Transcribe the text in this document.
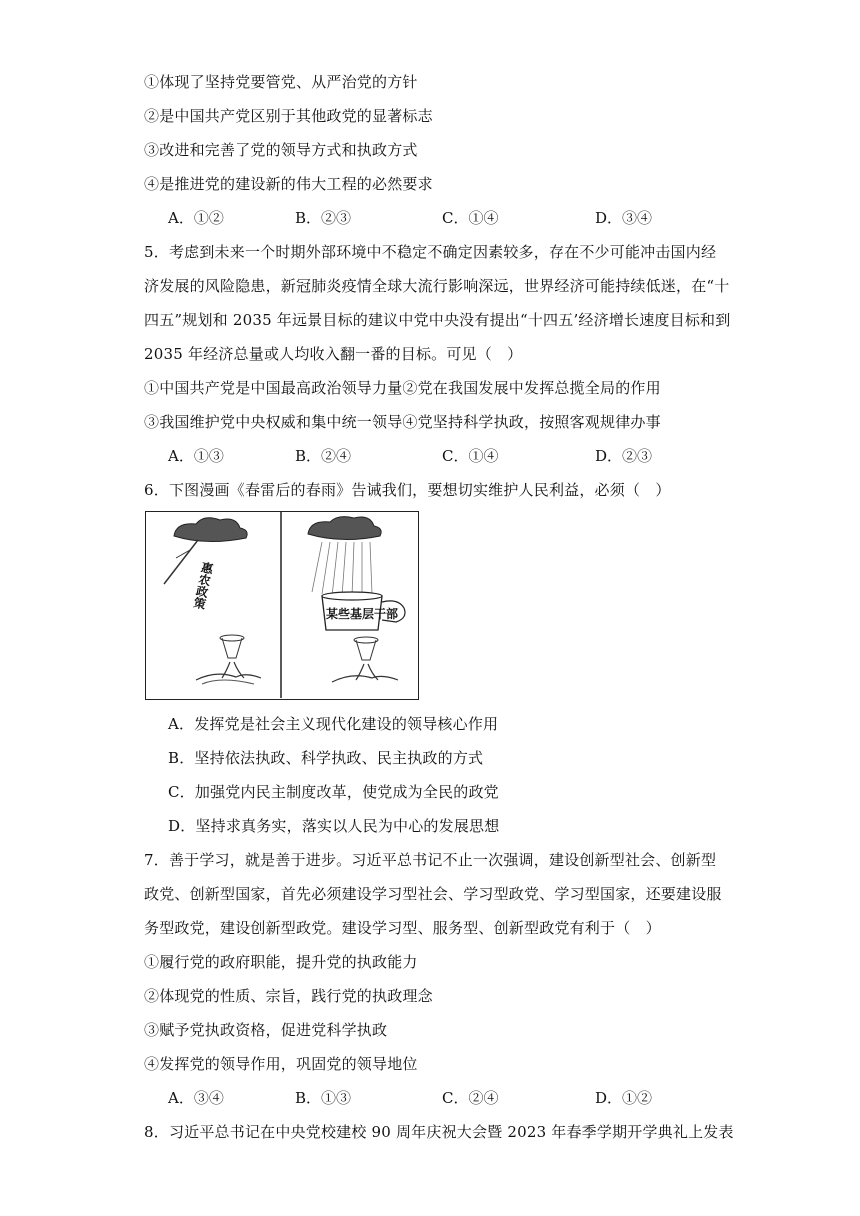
①体现了坚持党要管党、从严治党的方针
②是中国共产党区别于其他政党的显著标志
③改进和完善了党的领导方式和执政方式
④是推进党的建设新的伟大工程的必然要求
A．①②	B．②③	C．①④	D．③④
5．考虑到未来一个时期外部环境中不稳定不确定因素较多，存在不少可能冲击国内经
济发展的风险隐患，新冠肺炎疫情全球大流行影响深远，世界经济可能持续低迷，在“十
四五”规划和 2035 年远景目标的建议中党中央没有提出“十四五’经济增长速度目标和到
2035 年经济总量或人均收入翻一番的目标。可见（　）
①中国共产党是中国最高政治领导力量②党在我国发展中发挥总揽全局的作用
③我国维护党中央权威和集中统一领导④党坚持科学执政，按照客观规律办事
A．①③	B．②④	C．①④	D．②③
6．下图漫画《春雷后的春雨》告诫我们，要想切实维护人民利益，必须（　）
惠农政策
某些基层干部
A．发挥党是社会主义现代化建设的领导核心作用
B．坚持依法执政、科学执政、民主执政的方式
C．加强党内民主制度改革，使党成为全民的政党
D．坚持求真务实，落实以人民为中心的发展思想
7．善于学习，就是善于进步。习近平总书记不止一次强调，建设创新型社会、创新型
政党、创新型国家，首先必须建设学习型社会、学习型政党、学习型国家，还要建设服
务型政党，建设创新型政党。建设学习型、服务型、创新型政党有利于（　）
①履行党的政府职能，提升党的执政能力
②体现党的性质、宗旨，践行党的执政理念
③赋予党执政资格，促进党科学执政
④发挥党的领导作用，巩固党的领导地位
A．③④	B．①③	C．②④	D．①②
8．习近平总书记在中央党校建校 90 周年庆祝大会暨 2023 年春季学期开学典礼上发表
